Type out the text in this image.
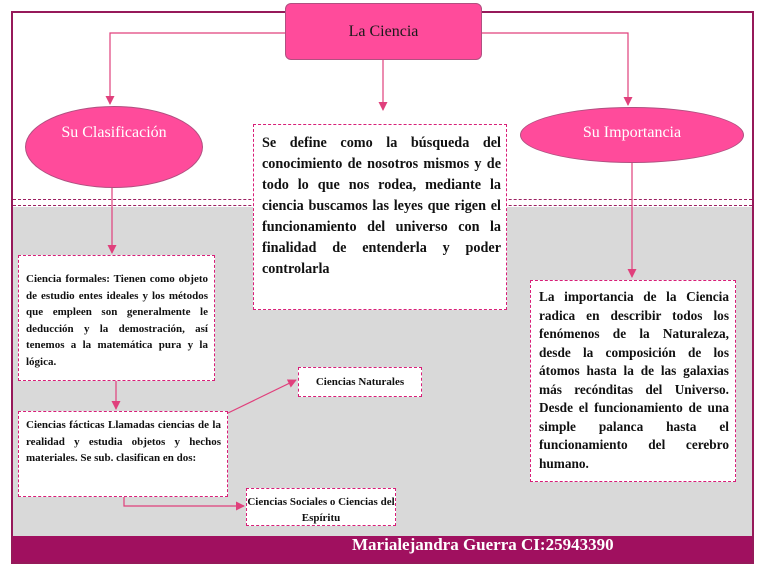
La Ciencia
Su Clasificación	Su Importancia
Se define como la búsqueda del conocimiento de nosotros mismos y de todo lo que nos rodea, mediante la ciencia buscamos las leyes que rigen el funcionamiento del universo con la finalidad de entenderla y poder controlarla
Ciencia formales: Tienen como objeto de estudio entes ideales y los métodos que empleen son generalmente le deducción y la demostración, así tenemos a la matemática pura y la lógica.
Ciencias fácticas Llamadas ciencias de la realidad y estudia objetos y hechos materiales. Se sub. clasifican en dos:
Ciencias Naturales
Ciencias Sociales o Ciencias del Espíritu
La importancia de la Ciencia radica en describir todos los fenómenos de la Naturaleza, desde la composición de los átomos hasta la de las galaxias más recónditas del Universo. Desde el funcionamiento de una simple palanca hasta el funcionamiento del cerebro humano.
Marialejandra Guerra CI:25943390
